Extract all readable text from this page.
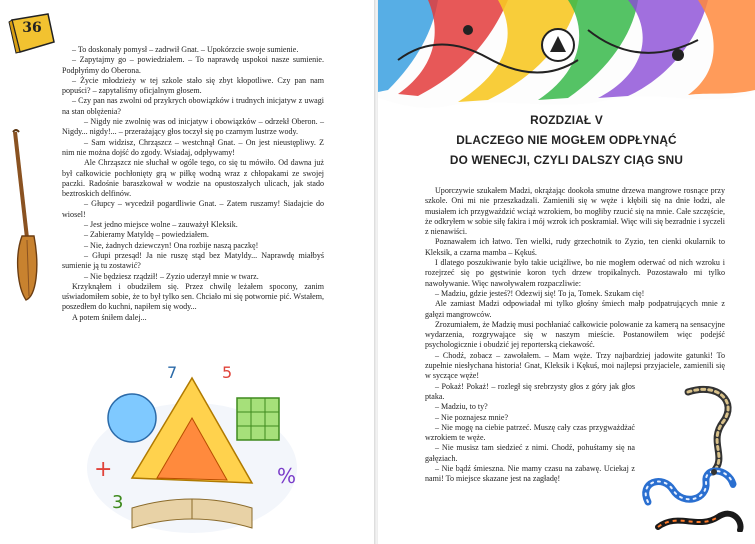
36

– To doskonały pomysł – zadrwił Gnat. – Upokórzcie swoje sumienie.

– Zapytajmy go – powiedziałem. – To naprawdę uspokoi nasze sumienie. Podpłyńmy do Oberona.

– Życie młodzieży w tej szkole stało się zbyt kłopotliwe. Czy pan nam popuści? – zapytaliśmy oficjalnym głosem.

– Czy pan nas zwolni od przykrych obowiązków i trudnych inicjatyw z uwagi na stan oblężenia?

– Nigdy nie zwolnię was od inicjatyw i obowiązków – odrzekł Oberon. – Nigdy... nigdy!... – przerażający głos toczył się po czarnym lustrze wody.

– Sam widzisz, Chrząszcz – westchnął Gnat. – On jest nieustępliwy. Z nim nie można dojść do zgody. Wsiadaj, odpływamy!

Ale Chrząszcz nie słuchał w ogóle tego, co się tu mówiło. Od dawna już był całkowicie pochłonięty grą w piłkę wodną wraz z chłopakami ze swojej paczki. Radośnie baraszkował w wodzie na opustoszałych ulicach, jak stado beztroskich delfinów.

– Głupcy – wycedził pogardliwie Gnat. – Zatem ruszamy! Siadajcie do wiosel!

– Jest jedno miejsce wolne – zauważył Kleksik.

– Zabieramy Matyldę – powiedziałem.

– Nie, żadnych dziewczyn! Ona rozbije naszą paczkę!

– Głupi przesąd! Ja nie ruszę stąd bez Matyldy... Naprawdę miałbyś sumienie ją tu zostawić?

– Nie będziesz rządził! – Zyzio uderzył mnie w twarz.

Krzyknąłem i obudziłem się. Przez chwilę leżałem spocony, zanim uświadomiłem sobie, że to był tylko sen. Chciało mi się potwornie pić. Wstałem, poszedłem do kuchni, napiłem się wody...

A potem śniłem dalej...

+	%
7
3
5
ROZDZIAŁ V
DLACZEGO NIE MOGŁEM ODPŁYNĄĆ
DO WENECJI, CZYLI DALSZY CIĄG SNU

Uporczywie szukałem Madzi, okrążając dookoła smutne drzewa mangrowe rosnące przy szkole. Oni mi nie przeszkadzali. Zamieniłi się w węże i kłębili się na dnie łodzi, ale musiałem ich przygwaździć wciąż wzrokiem, bo mogłiby rzucić się na mnie. Całe szczęście, że odkryłem w sobie siłę fakira i mój wzrok ich poskramiał. Więc wili się bezradnie i syczeli z nienawiści.

Poznawałem ich łatwo. Ten wielki, rudy grzechotnik to Zyzio, ten cienki okularnik to Kleksik, a czarna mamba – Kękuś.

I dlatego poszukiwanie było takie uciążliwe, bo nie mogłem oderwać od nich wzroku i rozejrzeć się po gęstwinie koron tych drzew tropikalnych. Pozostawało mi tylko nawoływanie. Więc nawoływałem rozpaczliwie:

– Madziu, gdzie jesteś?! Odezwij się! To ja, Tomek. Szukam cię!

Ale zamiast Madzi odpowiadał mi tylko głośny śmiech małp podpatrujących mnie z gałęzi mangrowców.

Zrozumiałem, że Madzię musi pochłaniać całkowicie polowanie za kamerą na sensacyjne wydarzenia, rozgrywające się w naszym mieście. Postanowiłem więc podejść psychologicznie i obudzić jej reporterską ciekawość.

– Chodź, zobacz – zawołałem. – Mam węże. Trzy najbardziej jadowite gatunki! To zupełnie niesłychana historia! Gnat, Kleksik i Kękuś, moi najlepsi przyjaciele, zamienili się w syczące węże!

– Pokaż! Pokaż! – rozległ się srebrzysty głos z góry jak głos ptaka.

– Madziu, to ty?

– Nie poznajesz mnie?

– Nie mogę na ciebie patrzeć. Muszę cały czas przygważdżać wzrokiem te węże.

– Nie musisz tam siedzieć z nimi. Chodź, pohuśtamy się na gałęziach.

– Nie bądź śmieszna. Nie mamy czasu na zabawę. Uciekaj z nami! To miejsce skazane jest na zagładę!
